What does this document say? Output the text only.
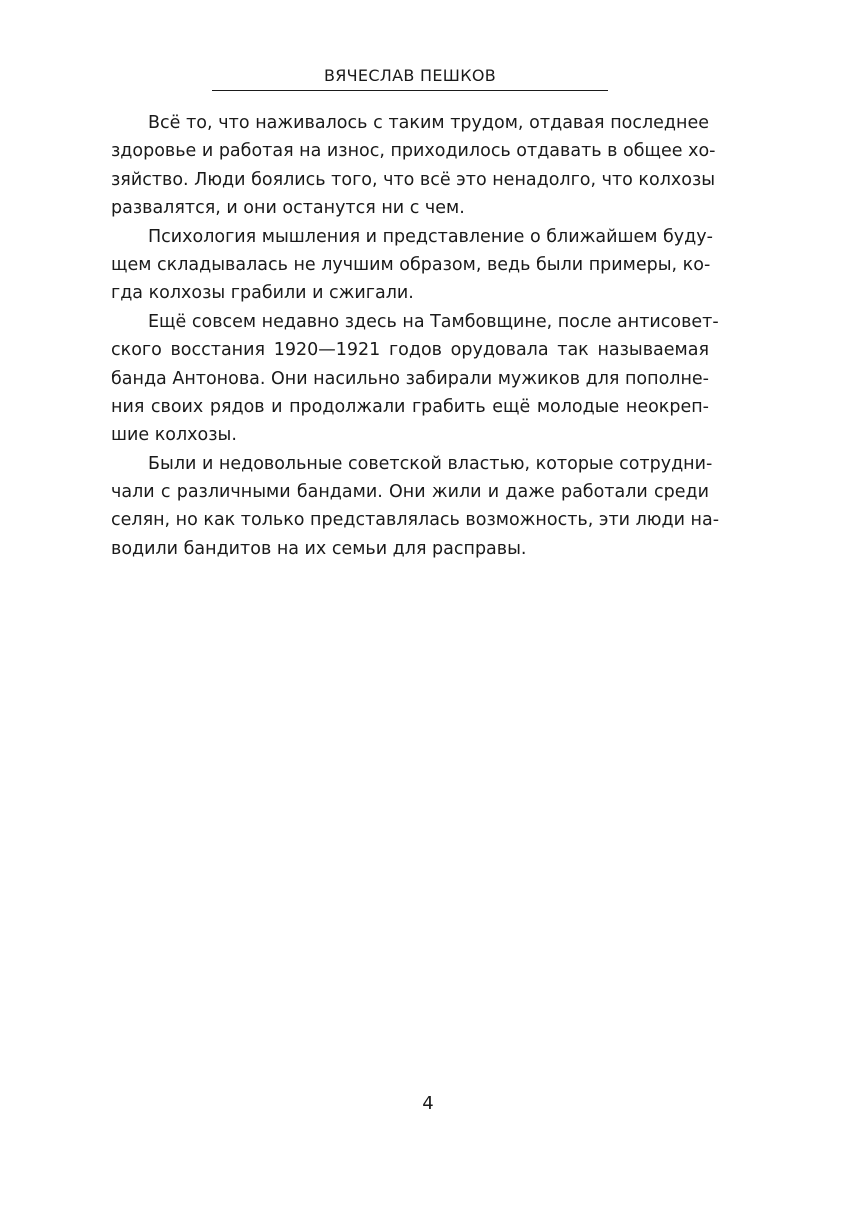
ВЯЧЕСЛАВ ПЕШКОВ
Всё то, что наживалось с таким трудом, отдавая последнее
здоровье и работая на износ, приходилось отдавать в общее хо-
зяйство. Люди боялись того, что всё это ненадолго, что колхозы
развалятся, и они останутся ни с чем.
Психология мышления и представление о ближайшем буду-
щем складывалась не лучшим образом, ведь были примеры, ко-
гда колхозы грабили и сжигали.
Ещё совсем недавно здесь на Тамбовщине, после антисовет-
ского восстания 1920—1921 годов орудовала так называемая
банда Антонова. Они насильно забирали мужиков для пополне-
ния своих рядов и продолжали грабить ещё молодые неокреп-
шие колхозы.
Были и недовольные советской властью, которые сотрудни-
чали с различными бандами. Они жили и даже работали среди
селян, но как только представлялась возможность, эти люди на-
водили бандитов на их семьи для расправы.
4
